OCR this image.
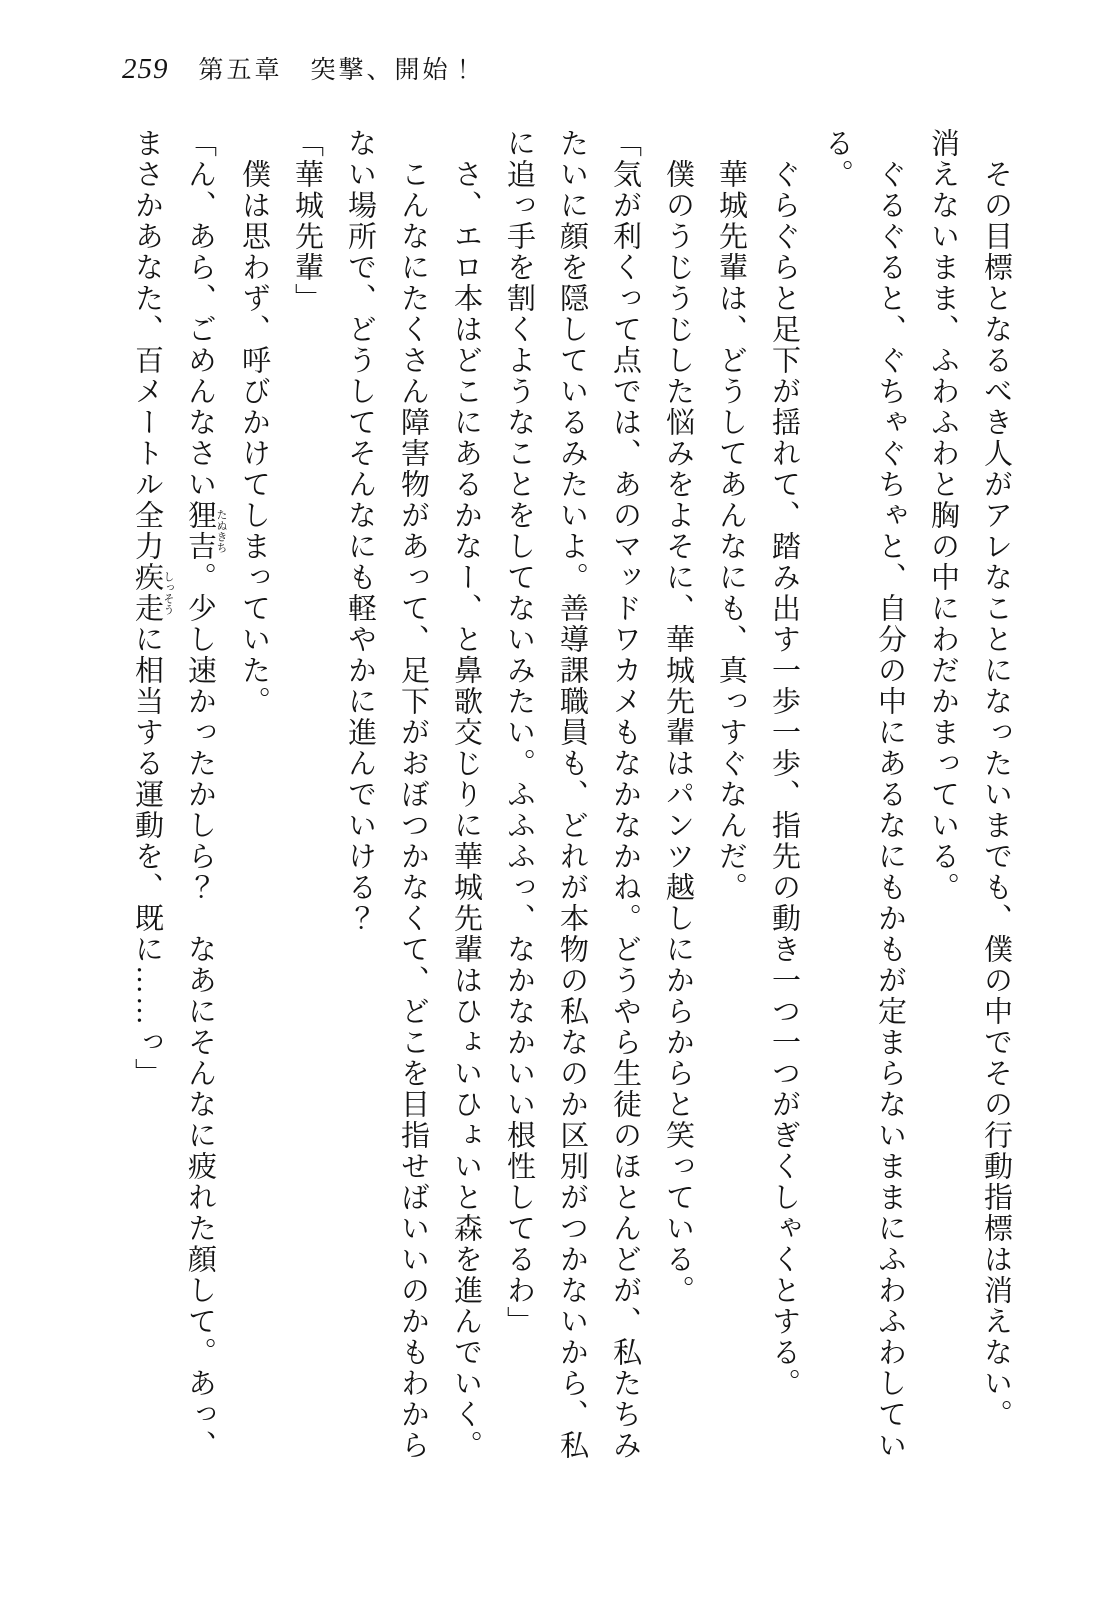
259 第五章　突撃、開始！

その目標となるべき人がアレなことになったいまでも、僕の中でその行動指標は消えない。

消えないまま、ふわふわと胸の中にわだかまっている。

ぐるぐると、ぐちゃぐちゃと、自分の中にあるなにもかもが定まらないままにふわふわしている。

ぐらぐらと足下が揺れて、踏み出す一歩一歩、指先の動き一つ一つがぎくしゃくとする。

華城先輩は、どうしてあんなにも、真っすぐなんだ。

僕のうじうじした悩みをよそに、華城先輩はパンツ越しにからからと笑っている。

「気が利くって点では、あのマッドワカメもなかなかね。どうやら生徒のほとんどが、私たちみたいに顔を隠しているみたいよ。善導課職員も、どれが本物の私なのか区別がつかないから、私に追っ手を割くようなことをしてないみたい。ふふふっ、なかなかいい根性してるわ」

さ、エロ本はどこにあるかなー、と鼻歌交じりに華城先輩はひょいひょいと森を進んでいく。

こんなにたくさん障害物があって、足下がおぼつかなくて、どこを目指せばいいのかもわからない場所で、どうしてそんなにも軽やかに進んでいける？

「華城先輩」

僕は思わず、呼びかけてしまっていた。

「ん、あら、ごめんなさい狸吉 たぬきち。少し速かったかしら？　なあにそんなに疲れた顔して。あっ、まさかあなた、百メートル全力疾走 しっそうに相当する運動を、既に……っ」
